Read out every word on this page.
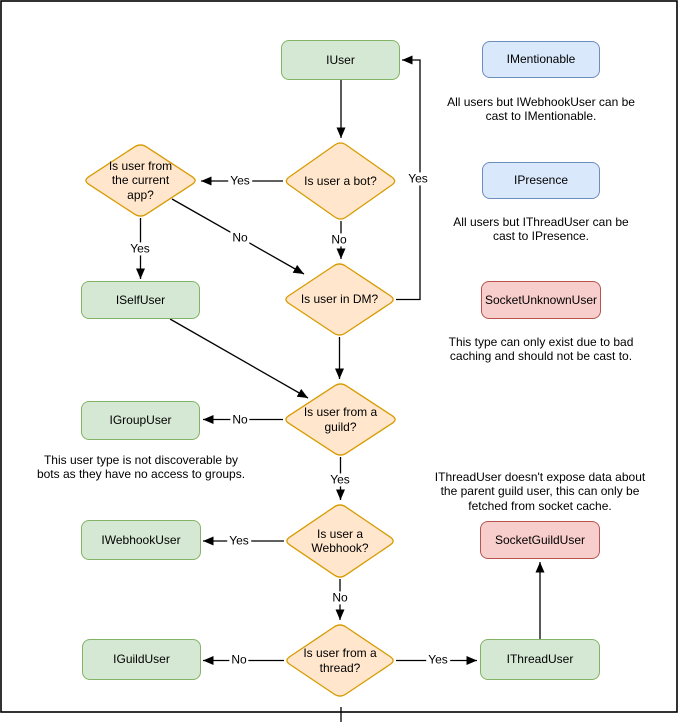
IUser	IMentionable
IPresence
SocketUnknownUser
ISelfUser
IGroupUser
IWebhookUser
IGuildUser
SocketGuildUser
IThreadUser
Is user a bot?
Is user from the current app?
Is user in DM?
Is user from a guild?
Is user a Webhook?
Is user from a thread?
Yes
No
Yes
Yes
No
No
Yes
Yes
No
No	Yes
All users but IWebhookUser can be cast to IMentionable.
All users but IThreadUser can be cast to IPresence.
This type can only exist due to bad caching and should not be cast to.
This user type is not discoverable by bots as they have no access to groups.	IThreadUser doesn't expose data about the parent guild user, this can only be fetched from socket cache.
